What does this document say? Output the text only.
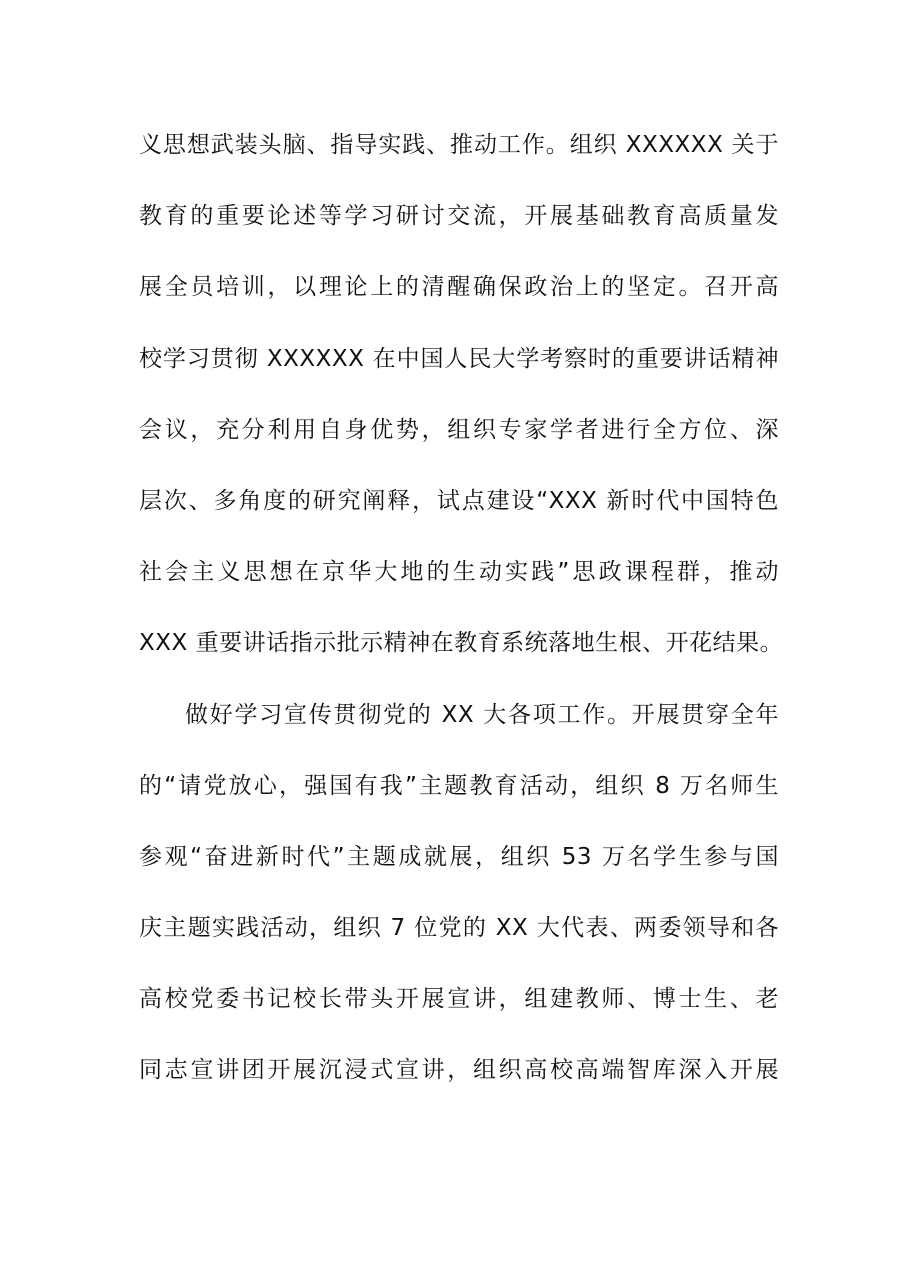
义思想武装头脑、指导实践、推动工作。组织 XXXXXX 关于
教育的重要论述等学习研讨交流，开展基础教育高质量发
展全员培训，以理论上的清醒确保政治上的坚定。召开高
校学习贯彻 XXXXXX 在中国人民大学考察时的重要讲话精神
会议，充分利用自身优势，组织专家学者进行全方位、深
层次、多角度的研究阐释，试点建设“XXX 新时代中国特色
社会主义思想在京华大地的生动实践”思政课程群，推动
XXX 重要讲话指示批示精神在教育系统落地生根、开花结果。
做好学习宣传贯彻党的 XX 大各项工作。开展贯穿全年
的“请党放心，强国有我”主题教育活动，组织 8 万名师生
参观“奋进新时代”主题成就展，组织 53 万名学生参与国
庆主题实践活动，组织 7 位党的 XX 大代表、两委领导和各
高校党委书记校长带头开展宣讲，组建教师、博士生、老
同志宣讲团开展沉浸式宣讲，组织高校高端智库深入开展
